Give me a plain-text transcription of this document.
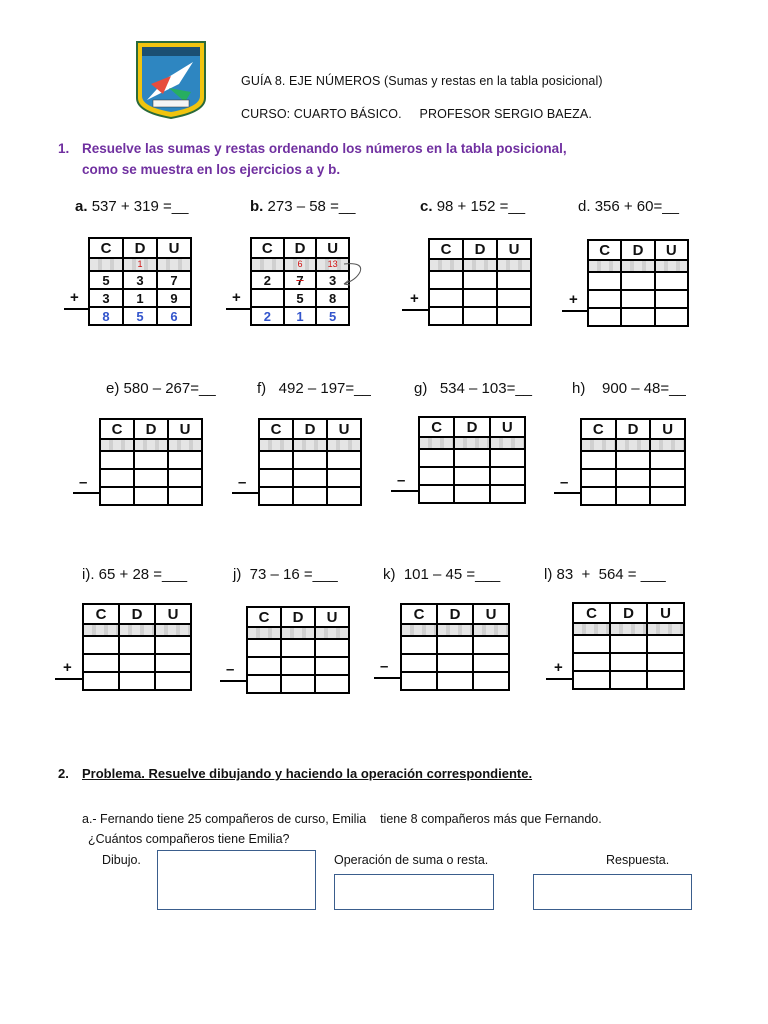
GUÍA 8. EJE NÚMEROS (Sumas y restas en la tabla posicional)
CURSO: CUARTO BÁSICO.     PROFESOR SERGIO BAEZA.
1. Resuelve las sumas y restas ordenando los números en la tabla posicional,
como se muestra en los ejercicios a y b.
a. 537 + 319 =__	b. 273 – 58 =__	c. 98 + 152 =__	d. 356 + 60=__
C	D	U
	1	
5	3	7
3	1	9
8	5	6
+
C	D	U
	6	13
2	7	3
	5	8
2	1	5
+
C	D	U

+
C	D	U

+
e) 580 – 267=__	f)   492 – 197=__	g)   534 – 103=__	h)    900 – 48=__
C	D	U

–
C	D	U

–
C	D	U

–
C	D	U

–
i). 65 + 28 =___	j)  73 – 16 =___	k)  101 – 45 =___	l) 83  +  564 = ___
C	D	U

+
C	D	U

–
C	D	U

–
C	D	U

+
2. Problema. Resuelve dibujando y haciendo la operación correspondiente.
a.- Fernando tiene 25 compañeros de curso, Emilia    tiene 8 compañeros más que Fernando.
¿Cuántos compañeros tiene Emilia?
Dibujo.	Operación de suma o resta.	Respuesta.
